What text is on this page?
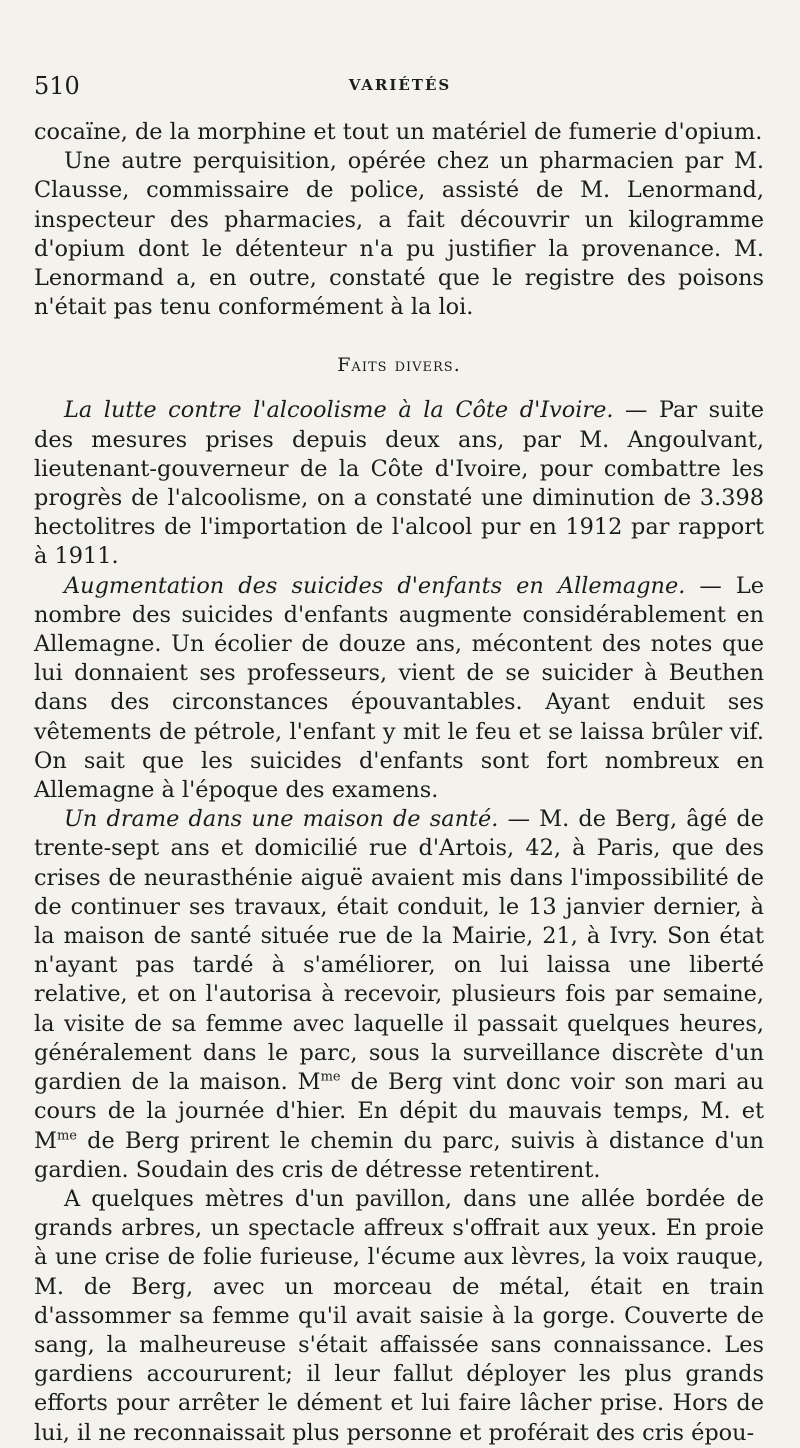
510	VARIÉTÉS

cocaïne, de la morphine et tout un matériel de fumerie d'opium.

Une autre perquisition, opérée chez un pharmacien par M. Clausse, commissaire de police, assisté de M. Lenormand, inspecteur des pharmacies, a fait découvrir un kilogramme d'opium dont le détenteur n'a pu justifier la provenance. M. Lenormand a, en outre, constaté que le registre des poisons n'était pas tenu conformément à la loi.

Faits divers.

La lutte contre l'alcoolisme à la Côte d'Ivoire. — Par suite des mesures prises depuis deux ans, par M. Angoulvant, lieutenant-gouverneur de la Côte d'Ivoire, pour combattre les progrès de l'alcoolisme, on a constaté une diminution de 3.398 hectolitres de l'importation de l'alcool pur en 1912 par rapport à 1911.

Augmentation des suicides d'enfants en Allemagne. — Le nombre des suicides d'enfants augmente considérablement en Allemagne. Un écolier de douze ans, mécontent des notes que lui donnaient ses professeurs, vient de se suicider à Beuthen dans des circonstances épouvantables. Ayant enduit ses vêtements de pétrole, l'enfant y mit le feu et se laissa brûler vif. On sait que les suicides d'enfants sont fort nombreux en Allemagne à l'époque des examens.

Un drame dans une maison de santé. — M. de Berg, âgé de trente-sept ans et domicilié rue d'Artois, 42, à Paris, que des crises de neurasthénie aiguë avaient mis dans l'impossibilité de de continuer ses travaux, était conduit, le 13 janvier dernier, à la maison de santé située rue de la Mairie, 21, à Ivry. Son état n'ayant pas tardé à s'améliorer, on lui laissa une liberté relative, et on l'autorisa à recevoir, plusieurs fois par semaine, la visite de sa femme avec laquelle il passait quelques heures, généralement dans le parc, sous la surveillance discrète d'un gardien de la maison. $M^{me}$ de Berg vint donc voir son mari au cours de la journée d'hier. En dépit du mauvais temps, M. et $M^{me}$ de Berg prirent le chemin du parc, suivis à distance d'un gardien. Soudain des cris de détresse retentirent.

A quelques mètres d'un pavillon, dans une allée bordée de grands arbres, un spectacle affreux s'offrait aux yeux. En proie à une crise de folie furieuse, l'écume aux lèvres, la voix rauque, M. de Berg, avec un morceau de métal, était en train d'assommer sa femme qu'il avait saisie à la gorge. Couverte de sang, la malheureuse s'était affaissée sans connaissance. Les gardiens accoururent; il leur fallut déployer les plus grands efforts pour arrêter le dément et lui faire lâcher prise. Hors de lui, il ne reconnaissait plus personne et proférait des cris épou-
